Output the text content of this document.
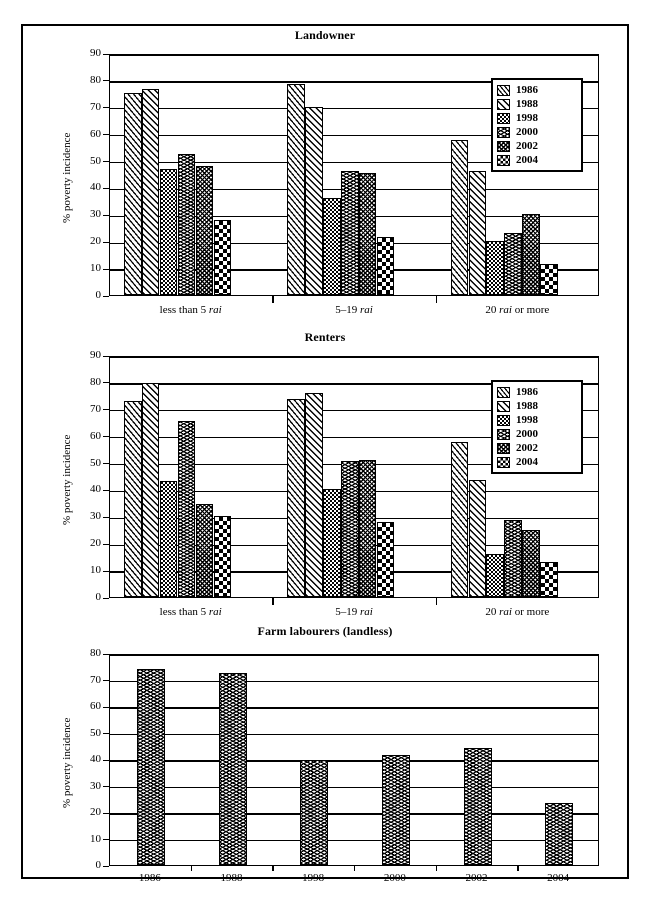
Landowner
0
10
20
30
40
50
60
70
80
90
% poverty incidence
less than 5 rai	5–19 rai	20 rai or more
1986
1988
1998
2000
2002
2004
Renters
0
10
20
30
40
50
60
70
80
90
% poverty incidence
less than 5 rai	5–19 rai	20 rai or more
1986
1988
1998
2000
2002
2004
Farm labourers (landless)
0
10
20
30
40
50
60
70
80
% poverty incidence
1986	1988	1998	2000	2002	2004
